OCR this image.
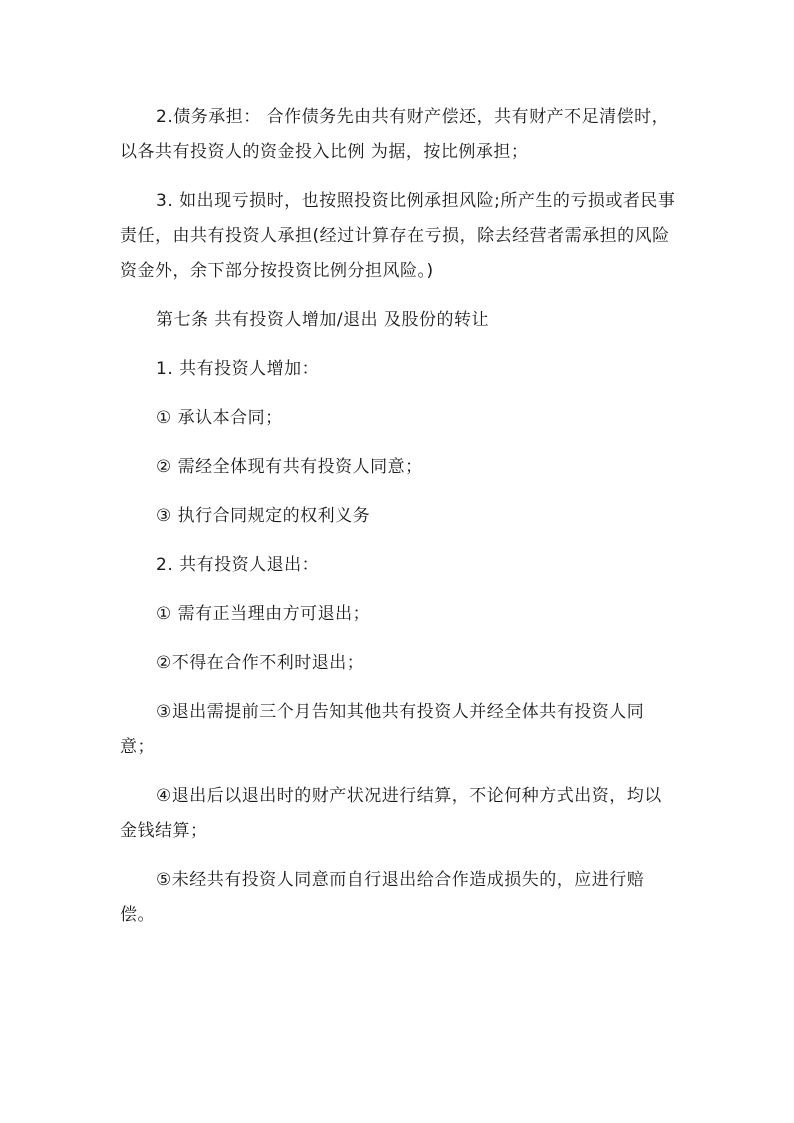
2.债务承担： 合作债务先由共有财产偿还，共有财产不足清偿时，以各共有投资人的资金投入比例 为据，按比例承担；

3. 如出现亏损时，也按照投资比例承担风险;所产生的亏损或者民事责任，由共有投资人承担(经过计算存在亏损，除去经营者需承担的风险资金外，余下部分按投资比例分担风险。)

第七条 共有投资人增加/退出 及股份的转让

1. 共有投资人增加：

① 承认本合同；

② 需经全体现有共有投资人同意；

③ 执行合同规定的权利义务

2. 共有投资人退出：

① 需有正当理由方可退出；

②不得在合作不利时退出；

③退出需提前三个月告知其他共有投资人并经全体共有投资人同意；

④退出后以退出时的财产状况进行结算，不论何种方式出资，均以金钱结算；

⑤未经共有投资人同意而自行退出给合作造成损失的，应进行赔偿。
